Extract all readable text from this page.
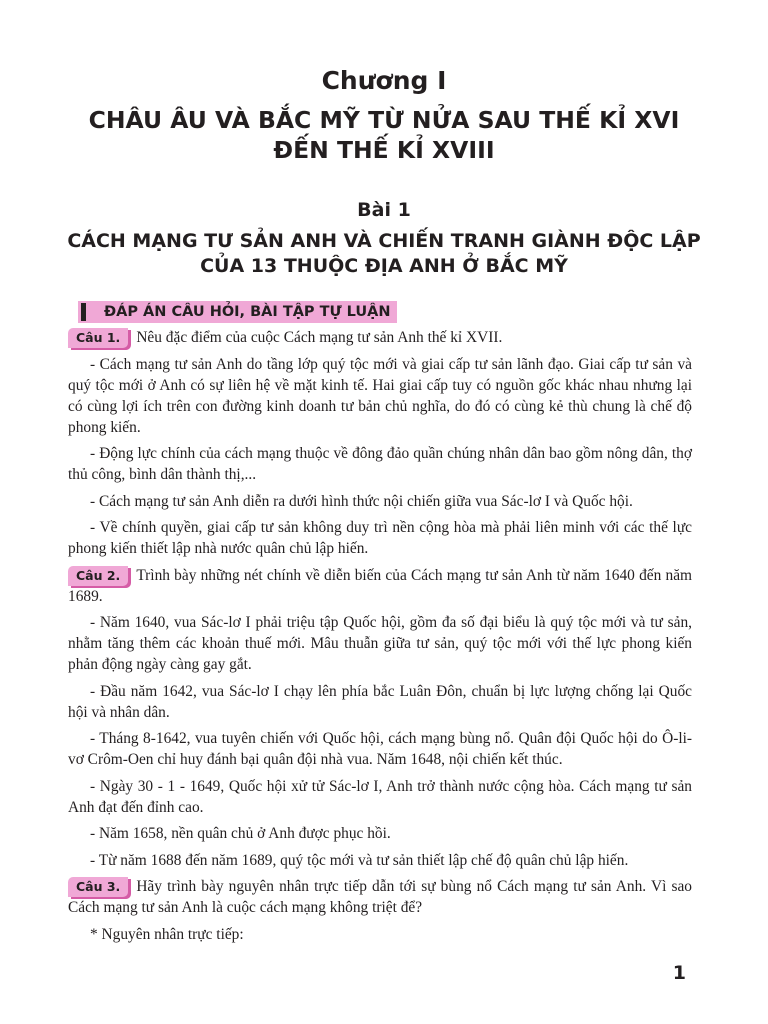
Chương I
CHÂU ÂU VÀ BẮC MỸ TỪ NỬA SAU THẾ KỈ XVI
ĐẾN THẾ KỈ XVIII
Bài 1
CÁCH MẠNG TƯ SẢN ANH VÀ CHIẾN TRANH GIÀNH ĐỘC LẬP
CỦA 13 THUỘC ĐỊA ANH Ở BẮC MỸ
ĐÁP ÁN CÂU HỎI, BÀI TẬP TỰ LUẬN
Câu 1. Nêu đặc điểm của cuộc Cách mạng tư sản Anh thế kỉ XVII.

- Cách mạng tư sản Anh do tầng lớp quý tộc mới và giai cấp tư sản lãnh đạo. Giai cấp tư sản và quý tộc mới ở Anh có sự liên hệ về mặt kinh tế. Hai giai cấp tuy có nguồn gốc khác nhau nhưng lại có cùng lợi ích trên con đường kinh doanh tư bản chủ nghĩa, do đó có cùng kẻ thù chung là chế độ phong kiến.

- Động lực chính của cách mạng thuộc về đông đảo quần chúng nhân dân bao gồm nông dân, thợ thủ công, bình dân thành thị,...

- Cách mạng tư sản Anh diễn ra dưới hình thức nội chiến giữa vua Sác-lơ I và Quốc hội.

- Về chính quyền, giai cấp tư sản không duy trì nền cộng hòa mà phải liên minh với các thế lực phong kiến thiết lập nhà nước quân chủ lập hiến.

Câu 2. Trình bày những nét chính về diễn biến của Cách mạng tư sản Anh từ năm 1640 đến năm 1689.

- Năm 1640, vua Sác-lơ I phải triệu tập Quốc hội, gồm đa số đại biểu là quý tộc mới và tư sản, nhằm tăng thêm các khoản thuế mới. Mâu thuẫn giữa tư sản, quý tộc mới với thế lực phong kiến phản động ngày càng gay gắt.

- Đầu năm 1642, vua Sác-lơ I chạy lên phía bắc Luân Đôn, chuẩn bị lực lượng chống lại Quốc hội và nhân dân.

- Tháng 8-1642, vua tuyên chiến với Quốc hội, cách mạng bùng nổ. Quân đội Quốc hội do Ô-li-vơ Crôm-Oen chỉ huy đánh bại quân đội nhà vua. Năm 1648, nội chiến kết thúc.

- Ngày 30 - 1 - 1649, Quốc hội xử tử Sác-lơ I, Anh trở thành nước cộng hòa. Cách mạng tư sản Anh đạt đến đỉnh cao.

- Năm 1658, nền quân chủ ở Anh được phục hồi.

- Từ năm 1688 đến năm 1689, quý tộc mới và tư sản thiết lập chế độ quân chủ lập hiến.

Câu 3. Hãy trình bày nguyên nhân trực tiếp dẫn tới sự bùng nổ Cách mạng tư sản Anh. Vì sao Cách mạng tư sản Anh là cuộc cách mạng không triệt để?

* Nguyên nhân trực tiếp:

1
